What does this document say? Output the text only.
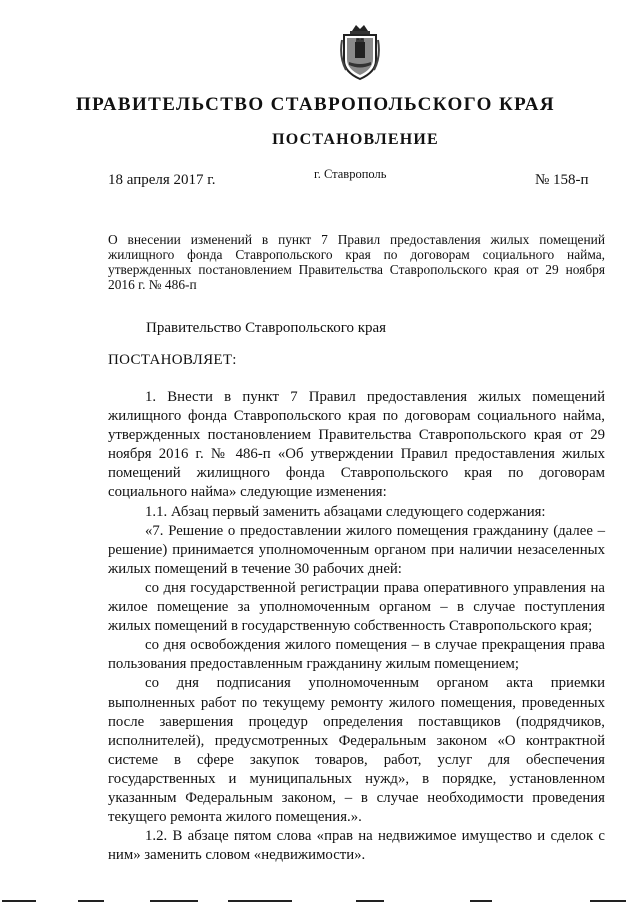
ПРАВИТЕЛЬСТВО СТАВРОПОЛЬСКОГО КРАЯ
ПОСТАНОВЛЕНИЕ
18 апреля 2017 г.	г. Ставрополь	№ 158-п

О внесении изменений в пункт 7 Правил предоставления жилых помещений жилищного фонда Ставропольского края по договорам социального найма, утвержденных постановлением Правительства Ставропольского края от 29 ноября 2016 г. № 486-п

Правительство Ставропольского края

ПОСТАНОВЛЯЕТ:

1. Внести в пункт 7 Правил предоставления жилых помещений жилищного фонда Ставропольского края по договорам социального найма, утвержденных постановлением Правительства Ставропольского края от 29 ноября 2016 г. № 486-п «Об утверждении Правил предоставления жилых помещений жилищного фонда Ставропольского края по договорам социального найма» следующие изменения:

1.1. Абзац первый заменить абзацами следующего содержания:

«7. Решение о предоставлении жилого помещения гражданину (далее – решение) принимается уполномоченным органом при наличии незаселенных жилых помещений в течение 30 рабочих дней:

со дня государственной регистрации права оперативного управления на жилое помещение за уполномоченным органом – в случае поступления жилых помещений в государственную собственность Ставропольского края;

со дня освобождения жилого помещения – в случае прекращения права пользования предоставленным гражданину жилым помещением;

со дня подписания уполномоченным органом акта приемки выполненных работ по текущему ремонту жилого помещения, проведенных после завершения процедур определения поставщиков (подрядчиков, исполнителей), предусмотренных Федеральным законом «О контрактной системе в сфере закупок товаров, работ, услуг для обеспечения государственных и муниципальных нужд», в порядке, установленном указанным Федеральным законом, – в случае необходимости проведения текущего ремонта жилого помещения.».

1.2. В абзаце пятом слова «прав на недвижимое имущество и сделок с ним» заменить словом «недвижимости».
